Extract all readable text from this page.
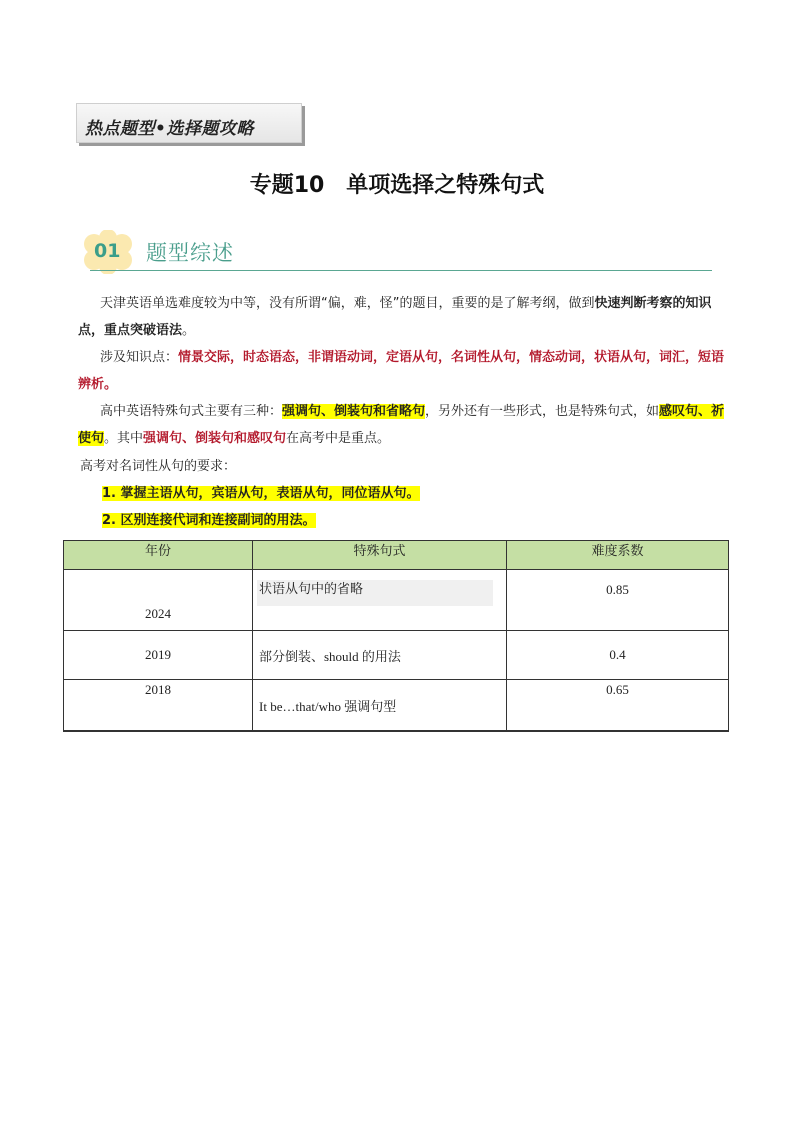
热点题型•选择题攻略
专题10　单项选择之特殊句式
01 题型综述
天津英语单选难度较为中等，没有所谓“偏，难，怪”的题目，重要的是了解考纲，做到快速判断考察的知识点，重点突破语法。
涉及知识点：情景交际，时态语态，非谓语动词，定语从句，名词性从句，情态动词，状语从句，词汇，短语辨析。
高中英语特殊句式主要有三种：强调句、倒装句和省略句，另外还有一些形式，也是特殊句式，如感叹句、祈使句。其中强调句、倒装句和感叹句在高考中是重点。
高考对名词性从句的要求：
1. 掌握主语从句，宾语从句，表语从句，同位语从句。
2. 区别连接代词和连接副词的用法。
年份	特殊句式	难度系数
2024	状语从句中的省略	0.85
2019	部分倒装、should 的用法	0.4
2018	It be…that/who 强调句型	0.65
